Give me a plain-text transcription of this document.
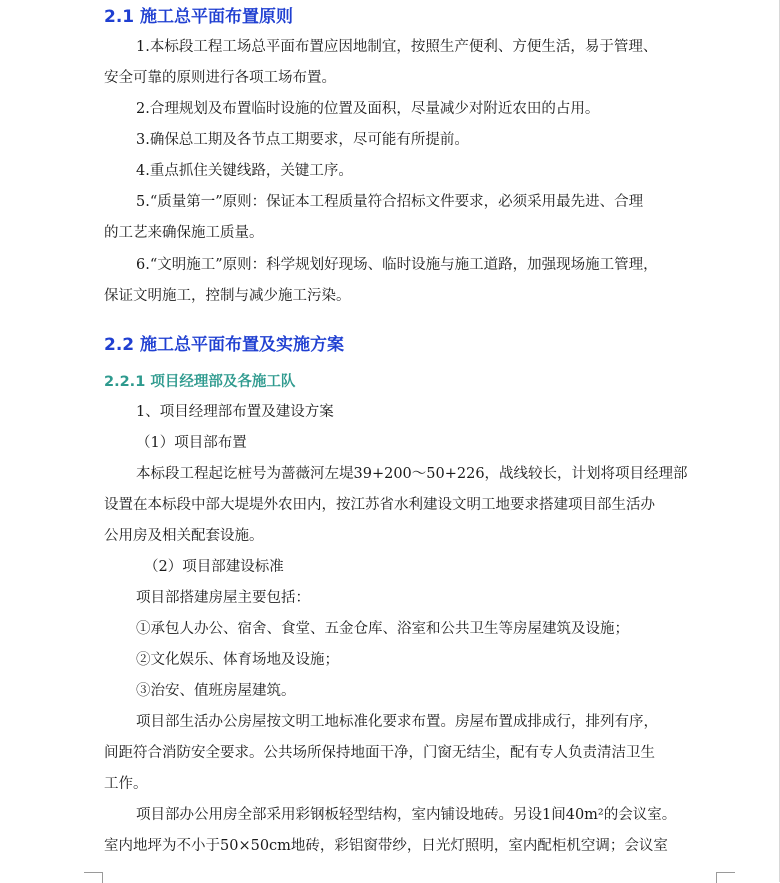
2.1 施工总平面布置原则
1.本标段工程工场总平面布置应因地制宜，按照生产便利、方便生活，易于管理、
安全可靠的原则进行各项工场布置。
2.合理规划及布置临时设施的位置及面积，尽量减少对附近农田的占用。
3.确保总工期及各节点工期要求，尽可能有所提前。
4.重点抓住关键线路，关键工序。
5.“质量第一”原则：保证本工程质量符合招标文件要求，必须采用最先进、合理
的工艺来确保施工质量。
6.“文明施工”原则：科学规划好现场、临时设施与施工道路，加强现场施工管理，
保证文明施工，控制与减少施工污染。
2.2 施工总平面布置及实施方案
2.2.1 项目经理部及各施工队
1、项目经理部布置及建设方案
（1）项目部布置
本标段工程起讫桩号为蔷薇河左堤39+200～50+226，战线较长，计划将项目经理部
设置在本标段中部大堤堤外农田内，按江苏省水利建设文明工地要求搭建项目部生活办
公用房及相关配套设施。
（2）项目部建设标准
项目部搭建房屋主要包括：
①承包人办公、宿舍、食堂、五金仓库、浴室和公共卫生等房屋建筑及设施；
②文化娱乐、体育场地及设施；
③治安、值班房屋建筑。
项目部生活办公房屋按文明工地标准化要求布置。房屋布置成排成行，排列有序，
间距符合消防安全要求。公共场所保持地面干净，门窗无结尘，配有专人负责清洁卫生
工作。
项目部办公用房全部采用彩钢板轻型结构，室内铺设地砖。另设1间40m²的会议室。
室内地坪为不小于50×50cm地砖，彩铝窗带纱，日光灯照明，室内配柜机空调；会议室
